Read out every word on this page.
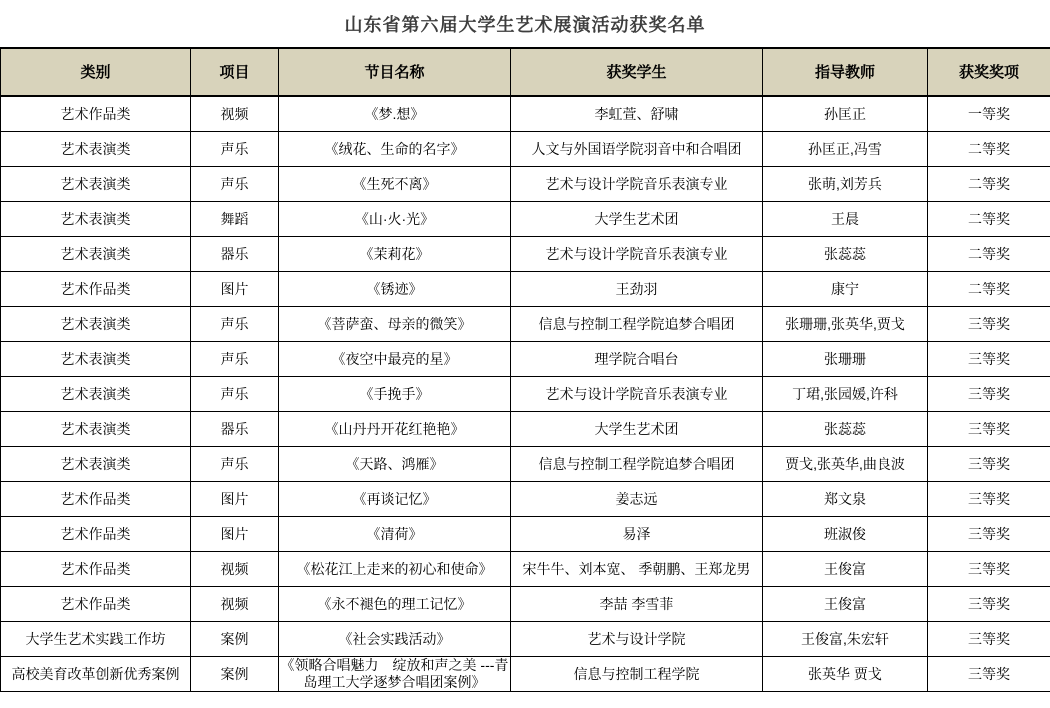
山东省第六届大学生艺术展演活动获奖名单
类别	项目	节目名称	获奖学生	指导教师	获奖奖项
艺术作品类	视频	《梦.想》	李虹萱、舒啸	孙匡正	一等奖
艺术表演类	声乐	《绒花、生命的名字》	人文与外国语学院羽音中和合唱团	孙匡正,冯雪	二等奖
艺术表演类	声乐	《生死不离》	艺术与设计学院音乐表演专业	张萌,刘芳兵	二等奖
艺术表演类	舞蹈	《山·火·光》	大学生艺术团	王晨	二等奖
艺术表演类	器乐	《茉莉花》	艺术与设计学院音乐表演专业	张蕊蕊	二等奖
艺术作品类	图片	《锈迹》	王劲羽	康宁	二等奖
艺术表演类	声乐	《菩萨蛮、母亲的微笑》	信息与控制工程学院追梦合唱团	张珊珊,张英华,贾戈	三等奖
艺术表演类	声乐	《夜空中最亮的星》	理学院合唱台	张珊珊	三等奖
艺术表演类	声乐	《手挽手》	艺术与设计学院音乐表演专业	丁珺,张园媛,许科	三等奖
艺术表演类	器乐	《山丹丹开花红艳艳》	大学生艺术团	张蕊蕊	三等奖
艺术表演类	声乐	《天路、鸿雁》	信息与控制工程学院追梦合唱团	贾戈,张英华,曲良波	三等奖
艺术作品类	图片	《再谈记忆》	姜志远	郑文泉	三等奖
艺术作品类	图片	《清荷》	易泽	班淑俊	三等奖
艺术作品类	视频	《松花江上走来的初心和使命》	宋牛牛、刘本宽、 季朝鹏、王郑龙男	王俊富	三等奖
艺术作品类	视频	《永不褪色的理工记忆》	李喆 李雪菲	王俊富	三等奖
大学生艺术实践工作坊	案例	《社会实践活动》	艺术与设计学院	王俊富,朱宏轩	三等奖
高校美育改革创新优秀案例	案例	《领略合唱魅力　绽放和声之美 ---青岛理工大学逐梦合唱团案例》	信息与控制工程学院	张英华 贾戈	三等奖
